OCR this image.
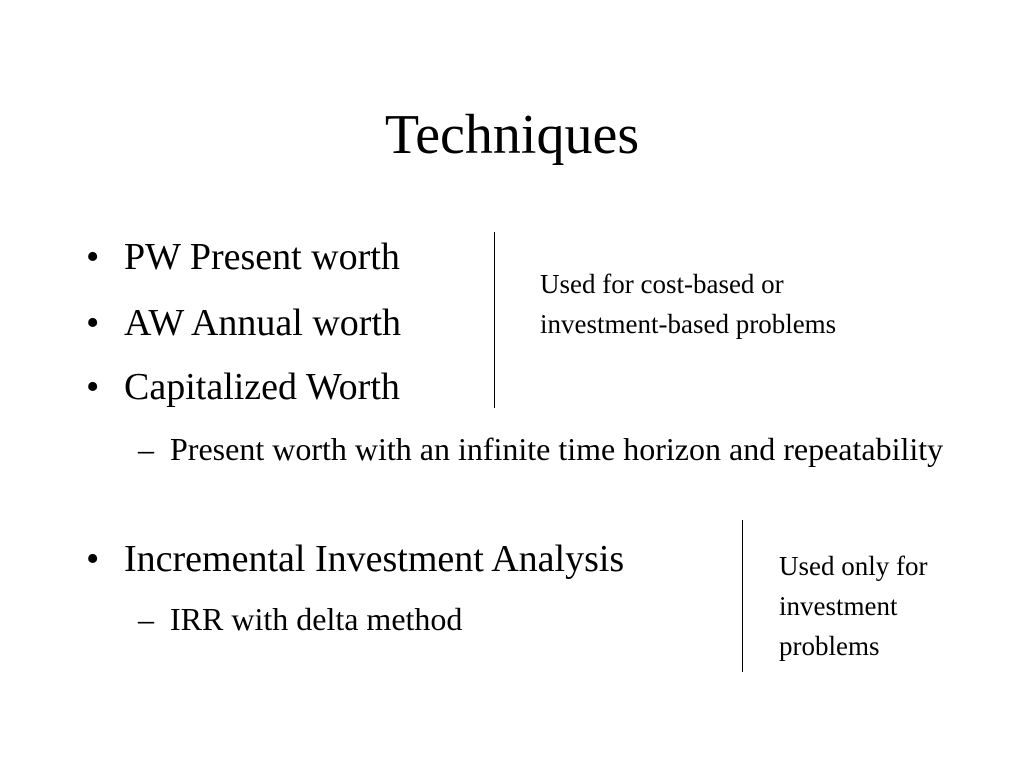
Techniques
• PW Present worth
• AW Annual worth
• Capitalized Worth
– Present worth with an infinite time horizon and repeatability
• Incremental Investment Analysis
– IRR with delta method
Used for cost-based or
investment-based problems
Used only for
investment
problems
